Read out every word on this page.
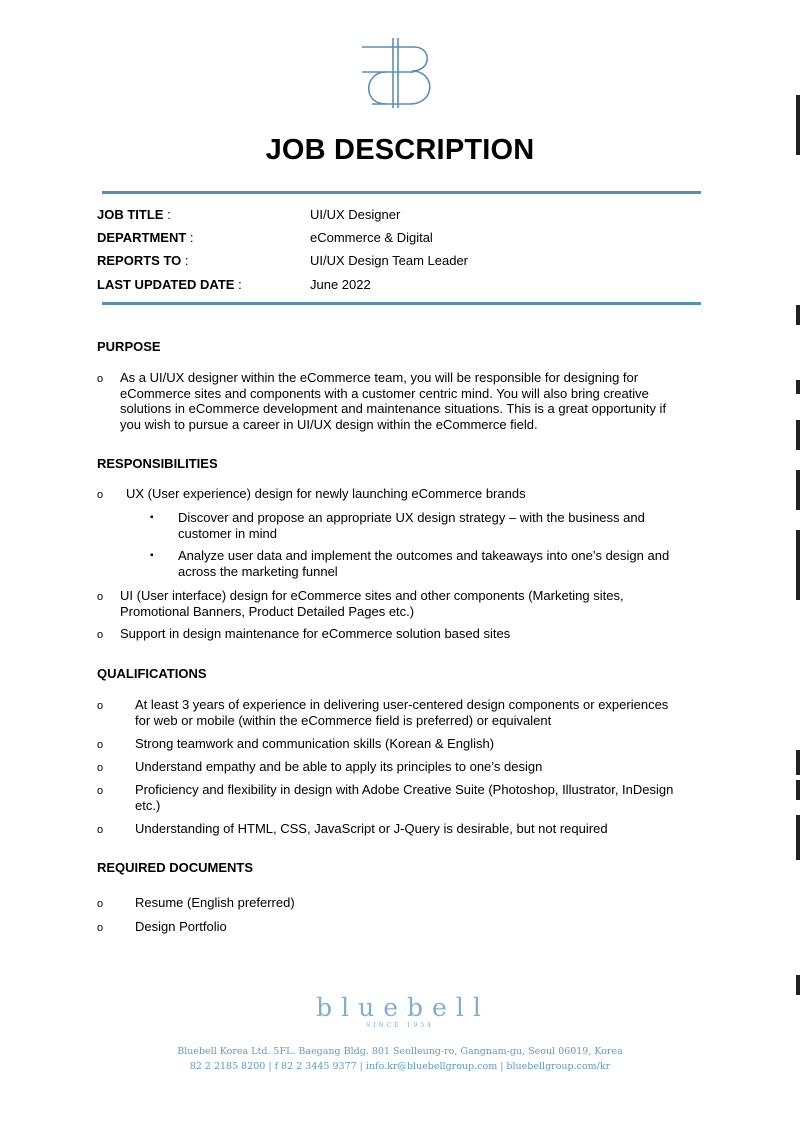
JOB DESCRIPTION
JOB TITLE :	UI/UX Designer
DEPARTMENT :	eCommerce & Digital
REPORTS TO :	UI/UX Design Team Leader
LAST UPDATED DATE :	June 2022
PURPOSE
o As a UI/UX designer within the eCommerce team, you will be responsible for designing for
eCommerce sites and components with a customer centric mind. You will also bring creative
solutions in eCommerce development and maintenance situations. This is a great opportunity if
you wish to pursue a career in UI/UX design within the eCommerce field.
RESPONSIBILITIES
o UX (User experience) design for newly launching eCommerce brands
▪ Discover and propose an appropriate UX design strategy – with the business and
customer in mind
▪ Analyze user data and implement the outcomes and takeaways into one’s design and
across the marketing funnel
o UI (User interface) design for eCommerce sites and other components (Marketing sites,
Promotional Banners, Product Detailed Pages etc.)
o Support in design maintenance for eCommerce solution based sites
QUALIFICATIONS
o At least 3 years of experience in delivering user-centered design components or experiences
for web or mobile (within the eCommerce field is preferred) or equivalent
o Strong teamwork and communication skills (Korean & English)
o Understand empathy and be able to apply its principles to one’s design
o Proficiency and flexibility in design with Adobe Creative Suite (Photoshop, Illustrator, InDesign
etc.)
o Understanding of HTML, CSS, JavaScript or J-Query is desirable, but not required
REQUIRED DOCUMENTS
o Resume (English preferred)
o Design Portfolio
bluebell
SINCE 1954
Bluebell Korea Ltd. 5FL. Baegang Bldg. 801 Seolleung-ro, Gangnam-gu, Seoul 06019, Korea
82 2 2185 8200 | f 82 2 3445 9377 | info.kr@bluebellgroup.com | bluebellgroup.com/kr
